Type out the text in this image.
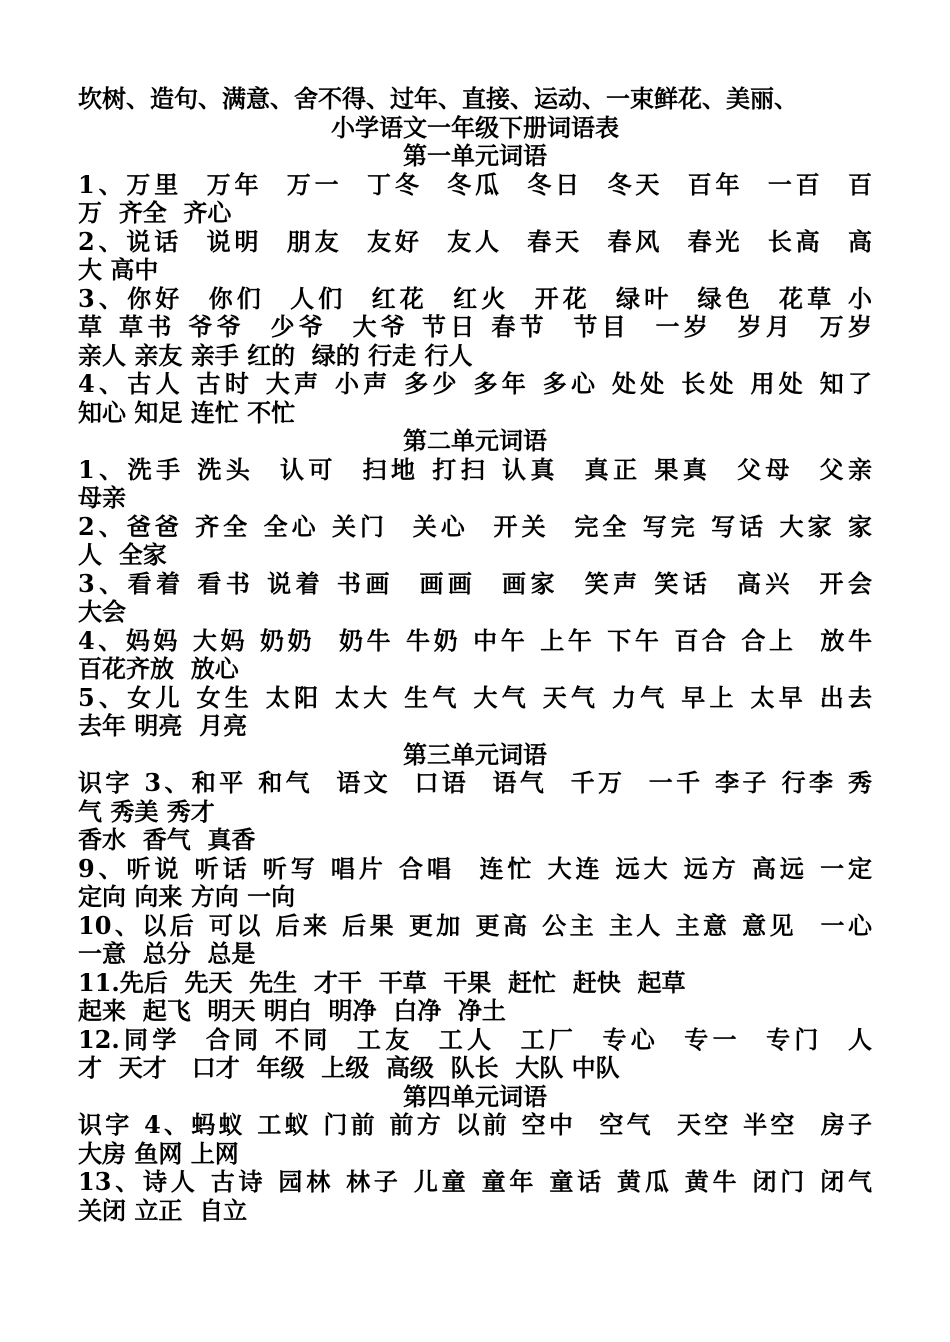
坎树、造句、满意、舍不得、过年、直接、运动、一束鲜花、美丽、
小学语文一年级下册词语表
第一单元词语
1、万里  万年  万一  丁冬  冬瓜  冬日  冬天  百年  一百  百
万  齐全  齐心
2、说话  说明  朋友  友好  友人  春天  春风  春光  长高  高
大 高中
3、你好  你们  人们  红花  红火  开花  绿叶  绿色  花草 小
草 草书 爷爷  少爷  大爷 节日 春节  节目  一岁  岁月  万岁
亲人 亲友 亲手 红的  绿的 行走 行人
4、古人 古时 大声 小声 多少 多年 多心 处处 长处 用处 知了
知心 知足 连忙 不忙
第二单元词语
1、洗手 洗头  认可  扫地 打扫 认真  真正 果真  父母  父亲
母亲
2、爸爸 齐全 全心 关门  关心  开关  完全 写完 写话 大家 家
人  全家
3、看着 看书 说着 书画  画画  画家  笑声 笑话  高兴  开会
大会
4、妈妈 大妈 奶奶  奶牛 牛奶 中午 上午 下午 百合 合上  放牛
百花齐放  放心
5、女儿 女生 太阳 太大 生气 大气 天气 力气 早上 太早 出去
去年 明亮  月亮
第三单元词语
识字 3、和平 和气  语文  口语  语气  千万  一千 李子 行李 秀
气 秀美 秀才
香水  香气  真香
9、听说 听话 听写 唱片 合唱  连忙 大连 远大 远方 高远 一定
定向 向来 方向 一向
10、以后 可以 后来 后果 更加 更高 公主 主人 主意 意见  一心
一意  总分  总是
11.先后  先天  先生  才干  干草  干果  赶忙  赶快  起草
起来  起飞  明天 明白  明净  白净  净土
12.同学  合同 不同  工友  工人  工厂  专心  专一  专门  人
才  天才   口才  年级  上级  高级  队长  大队 中队
第四单元词语
识字 4、蚂蚁 工蚁 门前 前方 以前 空中  空气  天空 半空  房子
大房 鱼网 上网
13、诗人 古诗 园林 林子 儿童 童年 童话 黄瓜 黄牛 闭门 闭气
关闭 立正  自立
